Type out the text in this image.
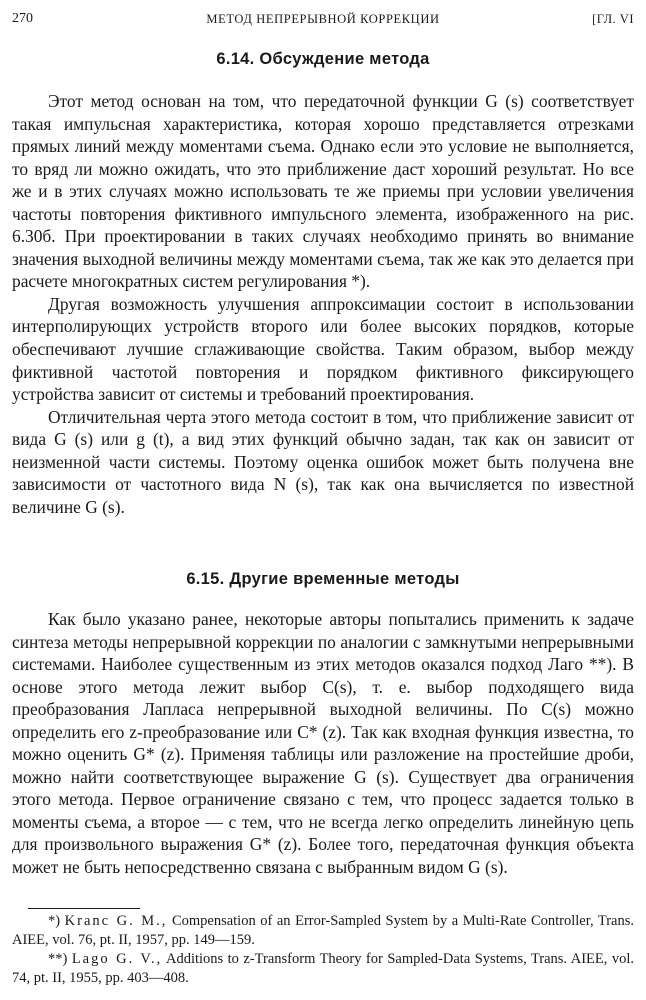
270	МЕТОД НЕПРЕРЫВНОЙ КОРРЕКЦИИ	[ГЛ. VI
6.14. Обсуждение метода

Этот метод основан на том, что передаточной функции G (s) соответствует такая импульсная характеристика, которая хорошо представляется отрезками прямых линий между моментами съема. Однако если это условие не выполняется, то вряд ли можно ожидать, что это приближение даст хороший результат. Но все же и в этих случаях можно использовать те же приемы при условии увеличения частоты повторения фиктивного импульсного элемента, изображенного на рис. 6.30б. При проектировании в таких случаях необходимо принять во внимание значения выходной величины между моментами съема, так же как это делается при расчете многократных систем регулирования *).

Другая возможность улучшения аппроксимации состоит в использовании интерполирующих устройств второго или более высоких порядков, которые обеспечивают лучшие сглаживающие свойства. Таким образом, выбор между фиктивной частотой повторения и порядком фиктивного фиксирующего устройства зависит от системы и требований проектирования.

Отличительная черта этого метода состоит в том, что приближение зависит от вида G (s) или g (t), а вид этих функций обычно задан, так как он зависит от неизменной части системы. Поэтому оценка ошибок может быть получена вне зависимости от частотного вида N (s), так как она вычисляется по известной величине G (s).

6.15. Другие временные методы

Как было указано ранее, некоторые авторы попытались применить к задаче синтеза методы непрерывной коррекции по аналогии с замкнутыми непрерывными системами. Наиболее существенным из этих методов оказался подход Лаго **). В основе этого метода лежит выбор C(s), т. е. выбор подходящего вида преобразования Лапласа непрерывной выходной величины. По C(s) можно определить его z-преобразование или C* (z). Так как входная функция известна, то можно оценить G* (z). Применяя таблицы или разложение на простейшие дроби, можно найти соответствующее выражение G (s). Существует два ограничения этого метода. Первое ограничение связано с тем, что процесс задается только в моменты съема, а второе — с тем, что не всегда легко определить линейную цепь для произвольного выражения G* (z). Более того, передаточная функция объекта может не быть непосредственно связана с выбранным видом G (s).

*) Kranc G. M., Compensation of an Error-Sampled System by a Multi-Rate Controller, Trans. AIEE, vol. 76, pt. II, 1957, pp. 149—159.

**) Lago G. V., Additions to z-Transform Theory for Sampled-Data Systems, Trans. AIEE, vol. 74, pt. II, 1955, pp. 403—408.
